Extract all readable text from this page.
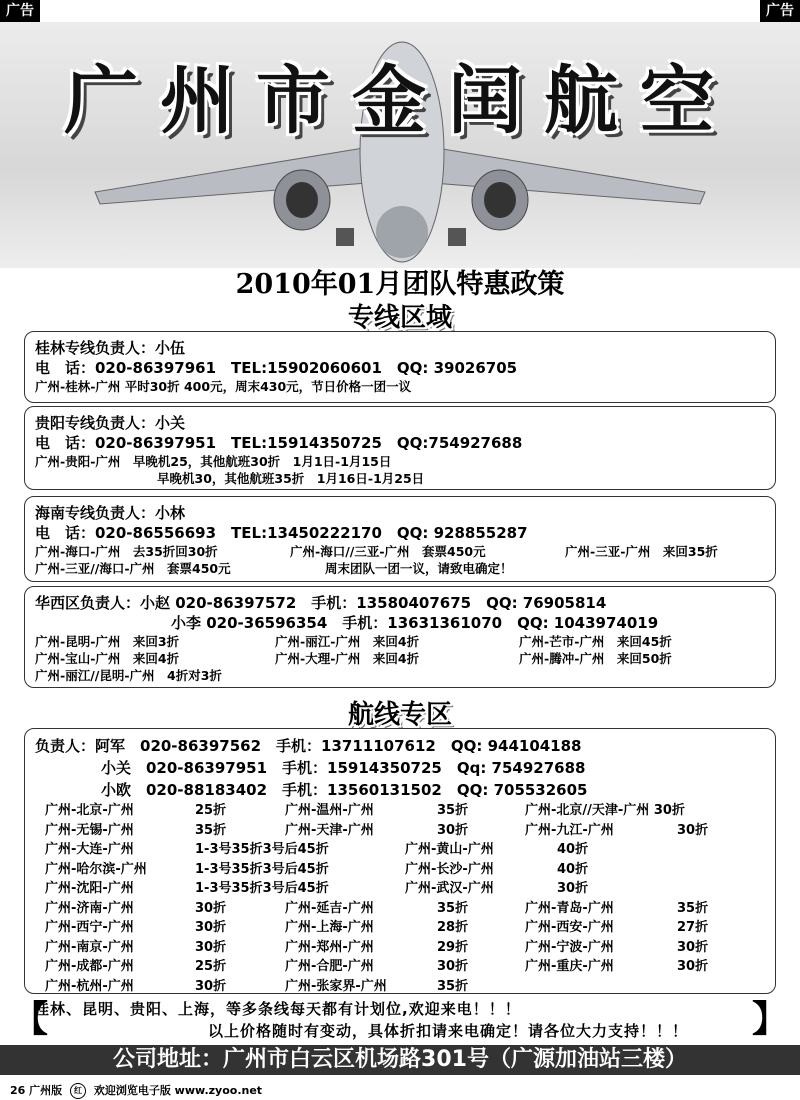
广告	广告
广州市金闰航空
2010年01月团队特惠政策
专线区域
桂林专线负责人：小伍
电　话：020-86397961　TEL:15902060601　QQ: 39026705
广州-桂林-广州 平时30折 400元，周末430元，节日价格一团一议
贵阳专线负责人：小关
电　话：020-86397951　TEL:15914350725　QQ:754927688
广州-贵阳-广州　早晚机25，其他航班30折　1月1日-1月15日
早晚机30，其他航班35折　1月16日-1月25日
海南专线负责人：小林
电　话：020-86556693　TEL:13450222170　QQ: 928855287
广州-海口-广州　去35折回30折	广州-海口//三亚-广州　套票450元	广州-三亚-广州　来回35折
广州-三亚//海口-广州　套票450元	周末团队一团一议，请致电确定！
华西区负责人：小赵 020-86397572　手机：13580407675　QQ: 76905814
小李 020-36596354　手机：13631361070　QQ: 1043974019
广州-昆明-广州　来回3折	广州-丽江-广州　来回4折	广州-芒市-广州　来回45折
广州-宝山-广州　来回4折	广州-大理-广州　来回4折	广州-腾冲-广州　来回50折
广州-丽江//昆明-广州　4折对3折
航线专区
负责人：阿军　020-86397562　手机：13711107612　QQ: 944104188
小关　020-86397951　手机：15914350725　Qq: 754927688
小欧　020-88183402　手机：13560131502　QQ: 705532605
广州-北京-广州	25折	广州-温州-广州	35折	广州-北京//天津-广州 30折
广州-无锡-广州	35折	广州-天津-广州	30折	广州-九江-广州	30折
广州-大连-广州	1-3号35折3号后45折	广州-黄山-广州	40折
广州-哈尔滨-广州	1-3号35折3号后45折	广州-长沙-广州	40折
广州-沈阳-广州	1-3号35折3号后45折	广州-武汉-广州	30折
广州-济南-广州	30折	广州-延吉-广州	35折	广州-青岛-广州	35折
广州-西宁-广州	30折	广州-上海-广州	28折	广州-西安-广州	27折
广州-南京-广州	30折	广州-郑州-广州	29折	广州-宁波-广州	30折
广州-成都-广州	25折	广州-合肥-广州	30折	广州-重庆-广州	30折
广州-杭州-广州	30折	广州-张家界-广州	35折
【	】
桂林、昆明、贵阳、上海，等多条线每天都有计划位,欢迎来电！！！
以上价格随时有变动，具体折扣请来电确定！请各位大力支持！！！
公司地址：广州市白云区机场路301号（广源加油站三楼）
26 广州版 红 欢迎浏览电子版 www.zyoo.net
